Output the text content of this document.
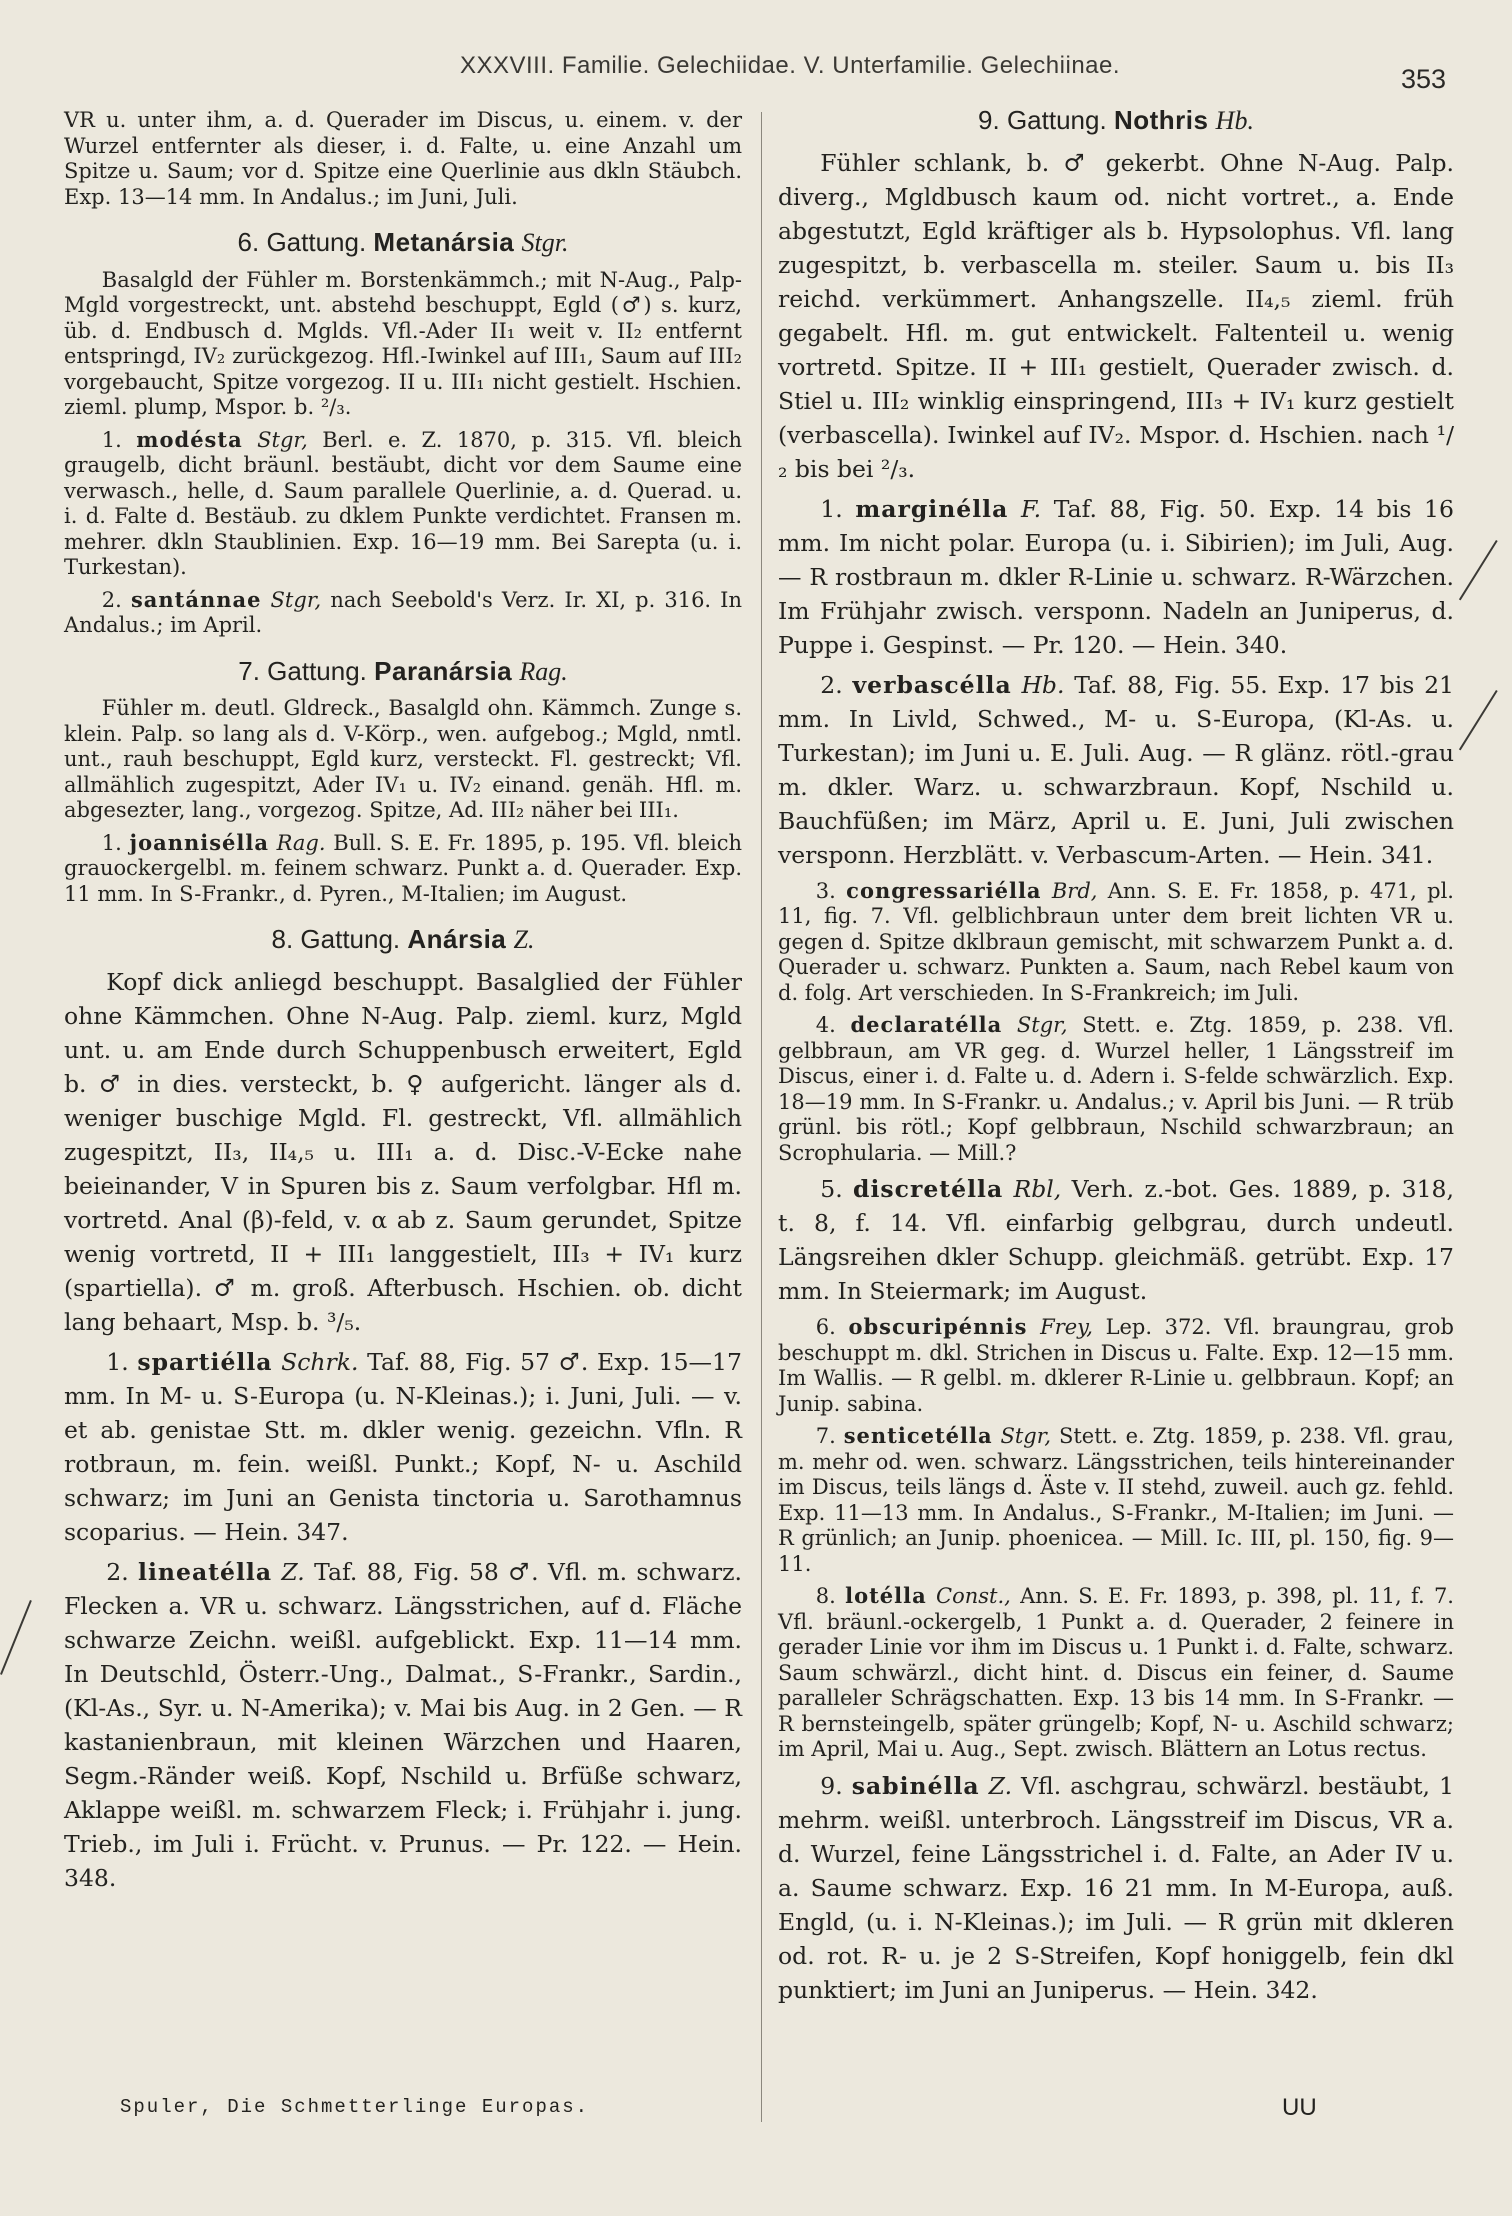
XXXVIII. Familie. Gelechiidae. V. Unterfamilie. Gelechiinae.	353

VR u. unter ihm, a. d. Querader im Discus, u. einem. v. der Wurzel entfernter als dieser, i. d. Falte, u. eine Anzahl um Spitze u. Saum; vor d. Spitze eine Querlinie aus dkln Stäubch. Exp. 13—14 mm. In Andalus.; im Juni, Juli.

6. Gattung. Metanársia Stgr.

Basalgld der Fühler m. Borstenkämmch.; mit N-Aug., Palp-Mgld vorgestreckt, unt. abstehd beschuppt, Egld (♂) s. kurz, üb. d. Endbusch d. Mglds. Vfl.-Ader II₁ weit v. II₂ entfernt entspringd, IV₂ zurückgezog. Hfl.-Iwinkel auf III₁, Saum auf III₂ vorgebaucht, Spitze vorgezog. II u. III₁ nicht gestielt. Hschien. zieml. plump, Mspor. b. ²/₃.

1. modésta Stgr, Berl. e. Z. 1870, p. 315. Vfl. bleich graugelb, dicht bräunl. bestäubt, dicht vor dem Saume eine verwasch., helle, d. Saum parallele Querlinie, a. d. Querad. u. i. d. Falte d. Bestäub. zu dklem Punkte verdichtet. Fransen m. mehrer. dkln Staublinien. Exp. 16—19 mm. Bei Sarepta (u. i. Turkestan).

2. santánnae Stgr, nach Seebold's Verz. Ir. XI, p. 316. In Andalus.; im April.

7. Gattung. Paranársia Rag.

Fühler m. deutl. Gldreck., Basalgld ohn. Kämmch. Zunge s. klein. Palp. so lang als d. V-Körp., wen. aufgebog.; Mgld, nmtl. unt., rauh beschuppt, Egld kurz, versteckt. Fl. gestreckt; Vfl. allmählich zugespitzt, Ader IV₁ u. IV₂ einand. genäh. Hfl. m. abgesezter, lang., vorgezog. Spitze, Ad. III₂ näher bei III₁.

1. joannisélla Rag. Bull. S. E. Fr. 1895, p. 195. Vfl. bleich grauockergelbl. m. feinem schwarz. Punkt a. d. Querader. Exp. 11 mm. In S-Frankr., d. Pyren., M-Italien; im August.

8. Gattung. Anársia Z.

Kopf dick anliegd beschuppt. Basalglied der Fühler ohne Kämmchen. Ohne N-Aug. Palp. zieml. kurz, Mgld unt. u. am Ende durch Schuppenbusch erweitert, Egld b. ♂ in dies. versteckt, b. ♀ aufgericht. länger als d. weniger buschige Mgld. Fl. gestreckt, Vfl. allmählich zugespitzt, II₃, II₄,₅ u. III₁ a. d. Disc.-V-Ecke nahe beieinander, V in Spuren bis z. Saum verfolgbar. Hfl m. vortretd. Anal (β)-feld, v. α ab z. Saum gerundet, Spitze wenig vortretd, II + III₁ langgestielt, III₃ + IV₁ kurz (spartiella). ♂ m. groß. Afterbusch. Hschien. ob. dicht lang behaart, Msp. b. ³/₅.

1. spartiélla Schrk. Taf. 88, Fig. 57 ♂. Exp. 15—17 mm. In M- u. S-Europa (u. N-Kleinas.); i. Juni, Juli. — v. et ab. genistae Stt. m. dkler wenig. gezeichn. Vfln. R rotbraun, m. fein. weißl. Punkt.; Kopf, N- u. Aschild schwarz; im Juni an Genista tinctoria u. Sarothamnus scoparius. — Hein. 347.

2. lineatélla Z. Taf. 88, Fig. 58 ♂. Vfl. m. schwarz. Flecken a. VR u. schwarz. Längsstrichen, auf d. Fläche schwarze Zeichn. weißl. aufgeblickt. Exp. 11—14 mm. In Deutschld, Österr.-Ung., Dalmat., S-Frankr., Sardin., (Kl-As., Syr. u. N-Amerika); v. Mai bis Aug. in 2 Gen. — R kastanienbraun, mit kleinen Wärzchen und Haaren, Segm.-Ränder weiß. Kopf, Nschild u. Brfüße schwarz, Aklappe weißl. m. schwarzem Fleck; i. Frühjahr i. jung. Trieb., im Juli i. Frücht. v. Prunus. — Pr. 122. — Hein. 348.

9. Gattung. Nothris Hb.

Fühler schlank, b. ♂ gekerbt. Ohne N-Aug. Palp. diverg., Mgldbusch kaum od. nicht vortret., a. Ende abgestutzt, Egld kräftiger als b. Hypsolophus. Vfl. lang zugespitzt, b. verbascella m. steiler. Saum u. bis II₃ reichd. verkümmert. Anhangszelle. II₄,₅ zieml. früh gegabelt. Hfl. m. gut entwickelt. Faltenteil u. wenig vortretd. Spitze. II + III₁ gestielt, Querader zwisch. d. Stiel u. III₂ winklig einspringend, III₃ + IV₁ kurz gestielt (verbascella). Iwinkel auf IV₂. Mspor. d. Hschien. nach ¹/₂ bis bei ²/₃.

1. marginélla F. Taf. 88, Fig. 50. Exp. 14 bis 16 mm. Im nicht polar. Europa (u. i. Sibirien); im Juli, Aug. — R rostbraun m. dkler R-Linie u. schwarz. R-Wärzchen. Im Frühjahr zwisch. versponn. Nadeln an Juniperus, d. Puppe i. Gespinst. — Pr. 120. — Hein. 340.

2. verbascélla Hb. Taf. 88, Fig. 55. Exp. 17 bis 21 mm. In Livld, Schwed., M- u. S-Europa, (Kl-As. u. Turkestan); im Juni u. E. Juli. Aug. — R glänz. rötl.-grau m. dkler. Warz. u. schwarzbraun. Kopf, Nschild u. Bauchfüßen; im März, April u. E. Juni, Juli zwischen versponn. Herzblätt. v. Verbascum-Arten. — Hein. 341.

3. congressariélla Brd, Ann. S. E. Fr. 1858, p. 471, pl. 11, fig. 7. Vfl. gelblichbraun unter dem breit lichten VR u. gegen d. Spitze dklbraun gemischt, mit schwarzem Punkt a. d. Querader u. schwarz. Punkten a. Saum, nach Rebel kaum von d. folg. Art verschieden. In S-Frankreich; im Juli.

4. declaratélla Stgr, Stett. e. Ztg. 1859, p. 238. Vfl. gelbbraun, am VR geg. d. Wurzel heller, 1 Längsstreif im Discus, einer i. d. Falte u. d. Adern i. S-felde schwärzlich. Exp. 18—19 mm. In S-Frankr. u. Andalus.; v. April bis Juni. — R trüb grünl. bis rötl.; Kopf gelbbraun, Nschild schwarzbraun; an Scrophularia. — Mill.?

5. discretélla Rbl, Verh. z.-bot. Ges. 1889, p. 318, t. 8, f. 14. Vfl. einfarbig gelbgrau, durch undeutl. Längsreihen dkler Schupp. gleichmäß. getrübt. Exp. 17 mm. In Steiermark; im August.

6. obscuripénnis Frey, Lep. 372. Vfl. braungrau, grob beschuppt m. dkl. Strichen in Discus u. Falte. Exp. 12—15 mm. Im Wallis. — R gelbl. m. dklerer R-Linie u. gelbbraun. Kopf; an Junip. sabina.

7. senticetélla Stgr, Stett. e. Ztg. 1859, p. 238. Vfl. grau, m. mehr od. wen. schwarz. Längsstrichen, teils hintereinander im Discus, teils längs d. Äste v. II stehd, zuweil. auch gz. fehld. Exp. 11—13 mm. In Andalus., S-Frankr., M-Italien; im Juni. — R grünlich; an Junip. phoenicea. — Mill. Ic. III, pl. 150, fig. 9—11.

8. lotélla Const., Ann. S. E. Fr. 1893, p. 398, pl. 11, f. 7. Vfl. bräunl.-ockergelb, 1 Punkt a. d. Querader, 2 feinere in gerader Linie vor ihm im Discus u. 1 Punkt i. d. Falte, schwarz. Saum schwärzl., dicht hint. d. Discus ein feiner, d. Saume paralleler Schrägschatten. Exp. 13 bis 14 mm. In S-Frankr. — R bernsteingelb, später grüngelb; Kopf, N- u. Aschild schwarz; im April, Mai u. Aug., Sept. zwisch. Blättern an Lotus rectus.

9. sabinélla Z. Vfl. aschgrau, schwärzl. bestäubt, 1 mehrm. weißl. unterbroch. Längsstreif im Discus, VR a. d. Wurzel, feine Längsstrichel i. d. Falte, an Ader IV u. a. Saume schwarz. Exp. 16 21 mm. In M-Europa, auß. Engld, (u. i. N-Kleinas.); im Juli. — R grün mit dkleren od. rot. R- u. je 2 S-Streifen, Kopf honiggelb, fein dkl punktiert; im Juni an Juniperus. — Hein. 342.

Spuler, Die Schmetterlinge Europas.	UU
